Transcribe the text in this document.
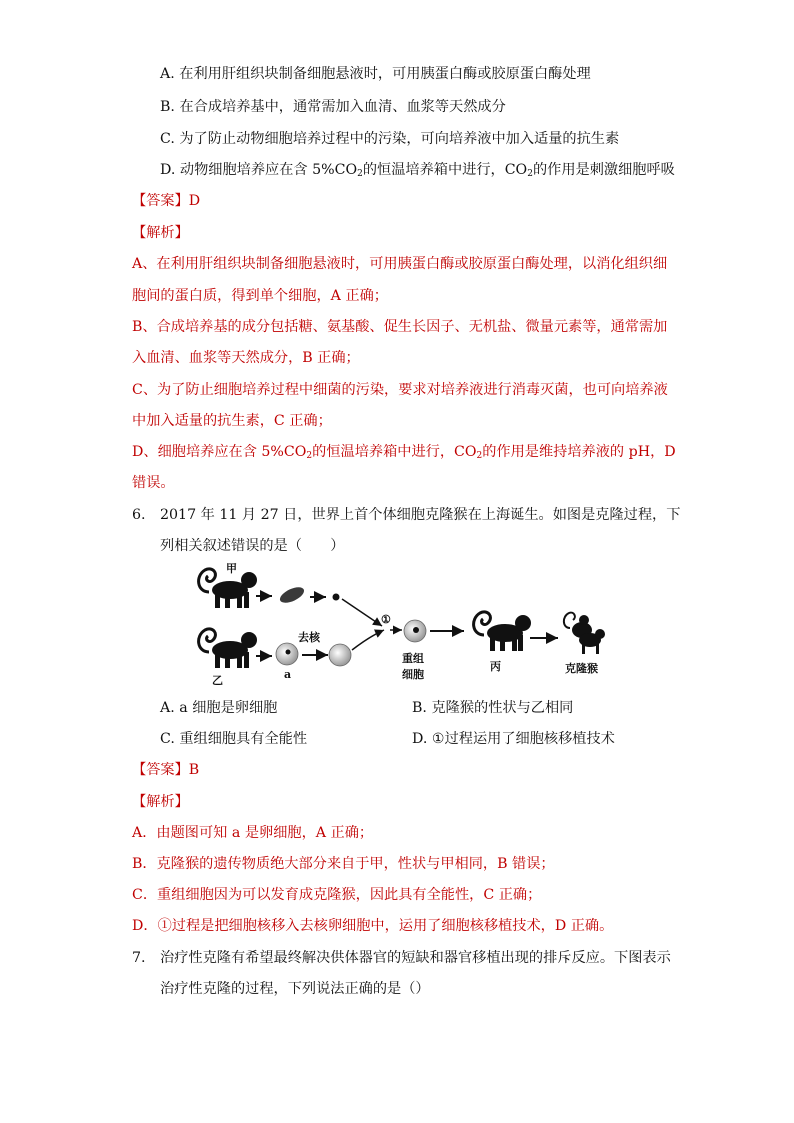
A. 在利用肝组织块制备细胞悬液时，可用胰蛋白酶或胶原蛋白酶处理
B. 在合成培养基中，通常需加入血清、血浆等天然成分
C. 为了防止动物细胞培养过程中的污染，可向培养液中加入适量的抗生素
D. 动物细胞培养应在含 $5\%CO_2$的恒温培养箱中进行，$CO_2$的作用是刺激细胞呼吸
【答案】D
【解析】
A、在利用肝组织块制备细胞悬液时，可用胰蛋白酶或胶原蛋白酶处理，以消化组织细
胞间的蛋白质，得到单个细胞，A 正确；
B、合成培养基的成分包括糖、氨基酸、促生长因子、无机盐、微量元素等，通常需加
入血清、血浆等天然成分，B 正确；
C、为了防止细胞培养过程中细菌的污染，要求对培养液进行消毒灭菌，也可向培养液
中加入适量的抗生素，C 正确；
D、细胞培养应在含 $5\%CO_2$的恒温培养箱中进行，$CO_2$的作用是维持培养液的 pH，D
错误。
6. 2017 年 11 月 27 日，世界上首个体细胞克隆猴在上海诞生。如图是克隆过程，下
列相关叙述错误的是（　　）
甲
乙
去核
a
①
重组
细胞
丙	克隆猴
A. a 细胞是卵细胞	B. 克隆猴的性状与乙相同
C. 重组细胞具有全能性	D. ①过程运用了细胞核移植技术
【答案】B
【解析】
A．由题图可知 a 是卵细胞，A 正确；
B．克隆猴的遗传物质绝大部分来自于甲，性状与甲相同，B 错误；
C．重组细胞因为可以发育成克隆猴，因此具有全能性，C 正确；
D．①过程是把细胞核移入去核卵细胞中，运用了细胞核移植技术，D 正确。
7. 治疗性克隆有希望最终解决供体器官的短缺和器官移植出现的排斥反应。下图表示
治疗性克隆的过程，下列说法正确的是（）
